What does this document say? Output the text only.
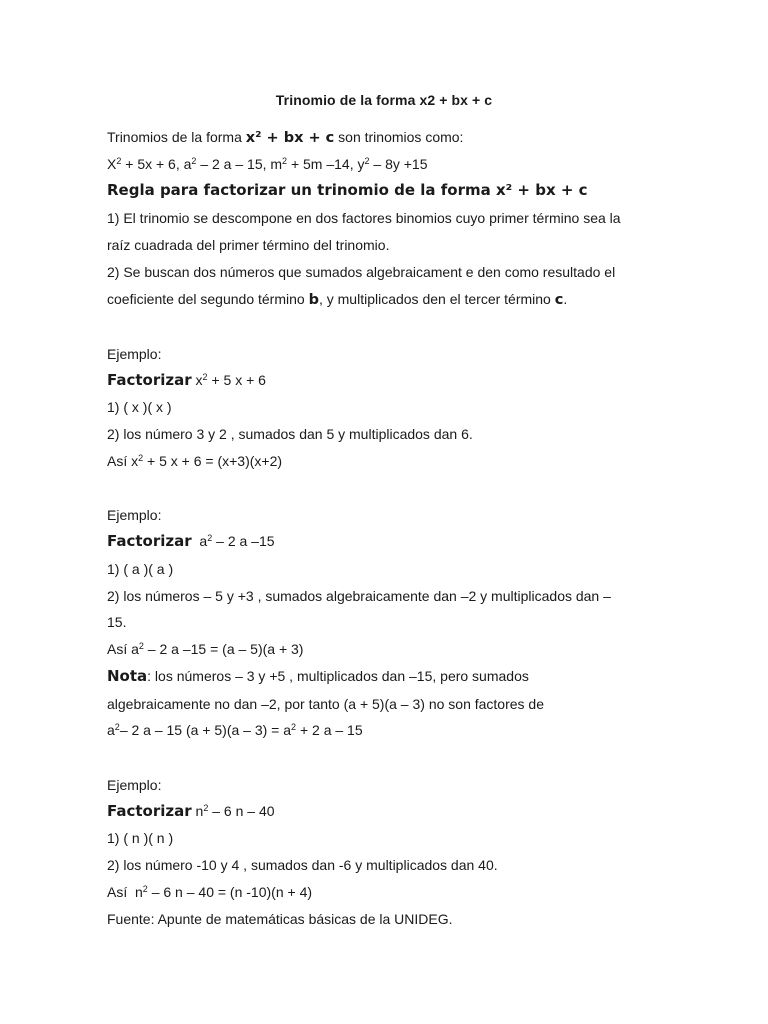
Trinomio de la forma x2 + bx + c
Trinomios de la forma x² + bx + c son trinomios como:
$X^2 + 5x + 6$, $a^2 - 2$ a – 15, $m^2 + 5m$ –14, $y^2 - 8y +15$
Regla para factorizar un trinomio de la forma x² + bx + c
1) El trinomio se descompone en dos factores binomios cuyo primer término sea la
raíz cuadrada del primer término del trinomio.
2) Se buscan dos números que sumados algebraicament e den como resultado el
coeficiente del segundo término b, y multiplicados den el tercer término c.
Ejemplo:
Factorizar $x^2 + 5$ x + 6
1) ( x )( x )
2) los número 3 y 2 , sumados dan 5 y multiplicados dan 6.
Así $x^2 + 5$ x + 6 = (x+3)(x+2)
Ejemplo:
Factorizar  $a^2 - 2$ a –15
1) ( a )( a )
2) los números – 5 y +3 , sumados algebraicamente dan –2 y multiplicados dan –
15.
Así $a^2 - 2$ a –15 = (a – 5)(a + 3)
Nota: los números – 3 y +5 , multiplicados dan –15, pero sumados
algebraicamente no dan –2, por tanto (a + 5)(a – 3) no son factores de
$a^2-$ 2 a – 15 $(a + 5)(a - 3) = a^2 + 2$ a – 15
Ejemplo:
Factorizar $n^2 - 6$ n – 40
1) ( n )( n )
2) los número -10 y 4 , sumados dan -6 y multiplicados dan 40.
Así  $n^2 - 6$ n – 40 = (n -10)(n + 4)
Fuente: Apunte de matemáticas básicas de la UNIDEG.
